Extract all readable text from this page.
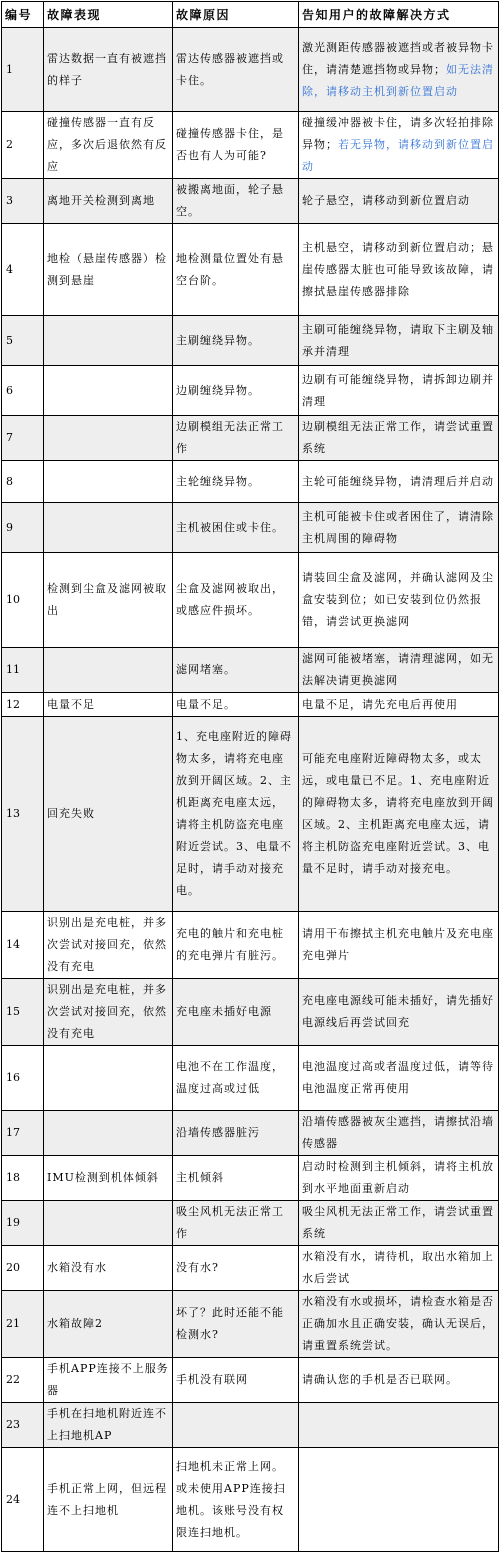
编号	故障表现	故障原因	告知用户的故障解决方式
1	雷达数据一直有被遮挡的样子	雷达传感器被遮挡或卡住。	激光测距传感器被遮挡或者被异物卡住，请清楚遮挡物或异物；如无法清除，请移动主机到新位置启动
2	碰撞传感器一直有反应，多次后退依然有反应	碰撞传感器卡住，是否也有人为可能?	碰撞缓冲器被卡住，请多次轻拍排除异物；若无异物，请移动到新位置启动
3	离地开关检测到离地	被搬离地面，轮子悬空。	轮子悬空，请移动到新位置启动
4	地检（悬崖传感器）检测到悬崖	地检测量位置处有悬空台阶。	主机悬空，请移动到新位置启动；悬崖传感器太脏也可能导致该故障，请擦拭悬崖传感器排除
5		主刷缠绕异物。	主刷可能缠绕异物，请取下主刷及轴承并清理
6		边刷缠绕异物。	边刷有可能缠绕异物，请拆卸边刷并清理
7		边刷模组无法正常工作	边刷模组无法正常工作，请尝试重置系统
8		主轮缠绕异物。	主轮可能缠绕异物，请清理后并启动
9		主机被困住或卡住。	主机可能被卡住或者困住了，请清除主机周围的障碍物
10	检测到尘盒及滤网被取出	尘盒及滤网被取出，或感应件损坏。	请装回尘盒及滤网，并确认滤网及尘盒安装到位；如已安装到位仍然报错，请尝试更换滤网
11		滤网堵塞。	滤网可能被堵塞，请清理滤网，如无法解决请更换滤网
12	电量不足	电量不足。	电量不足，请先充电后再使用
13	回充失败	1、充电座附近的障碍物太多，请将充电座放到开阔区域。2、主机距离充电座太远，请将主机防盗充电座附近尝试。3、电量不足时，请手动对接充电。	可能充电座附近障碍物太多，或太远，或电量已不足。1、充电座附近的障碍物太多，请将充电座放到开阔区域。2、主机距离充电座太远，请将主机防盗充电座附近尝试。3、电量不足时，请手动对接充电。
14	识别出是充电桩，并多次尝试对接回充，依然没有充电	充电的触片和充电桩的充电弹片有脏污。	请用干布擦拭主机充电触片及充电座充电弹片
15	识别出是充电桩，并多次尝试对接回充，依然没有充电	充电座未插好电源	充电座电源线可能未插好，请先插好电源线后再尝试回充
16		电池不在工作温度，温度过高或过低	电池温度过高或者温度过低，请等待电池温度正常再使用
17		沿墙传感器脏污	沿墙传感器被灰尘遮挡，请擦拭沿墙传感器
18	IMU检测到机体倾斜	主机倾斜	启动时检测到主机倾斜，请将主机放到水平地面重新启动
19		吸尘风机无法正常工作	吸尘风机无法正常工作，请尝试重置系统
20	水箱没有水	没有水?	水箱没有水，请待机，取出水箱加上水后尝试
21	水箱故障2	坏了？此时还能不能检测水?	水箱没有水或损坏，请检查水箱是否正确加水且正确安装，确认无误后，请重置系统尝试。
22	手机APP连接不上服务器	手机没有联网	请确认您的手机是否已联网。
23	手机在扫地机附近连不上扫地机AP		
24	手机正常上网，但远程连不上扫地机	扫地机未正常上网。或未使用APP连接扫地机。该账号没有权限连扫地机。	
